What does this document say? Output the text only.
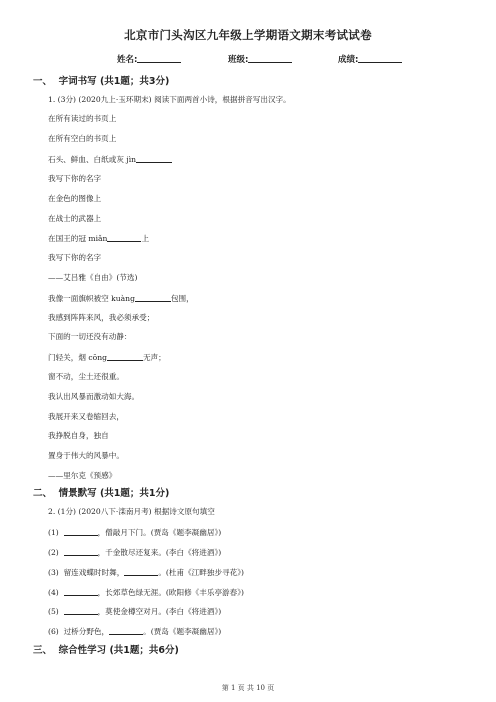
北京市门头沟区九年级上学期语文期末考试试卷
姓名:	班级:	成绩:
一、 字词书写 (共1题；共3分)
1. (3分) (2020九上·玉环期末) 阅读下面两首小诗，根据拼音写出汉字。
在所有读过的书页上
在所有空白的书页上
石头、鲜血、白纸或灰 jìn
我写下你的名字
在金色的图像上
在战士的武器上
在国王的冠 miǎn	上
我写下你的名字
——艾吕雅《自由》(节选)
我像一面旗帜被空 kuàng	包围，
我感到阵阵来风，我必须承受；
下面的一切还没有动静：
门轻关，烟 cōng	无声；
窗不动，尘土还很重。
我认出风暴而激动如大海。
我展开来又卷缩回去，
我挣脱自身，独自
置身于伟大的风暴中。
——里尔克《预感》
二、 情景默写 (共1题；共1分)
2. (1分) (2020八下·滦南月考) 根据诗文原句填空
(1)	，僧敲月下门。(贾岛《题李凝幽居》)
(2)	，千金散尽还复来。(李白《将进酒》)
(3) 留连戏蝶时时舞，	。(杜甫《江畔独步寻花》)
(4)	，长郊草色绿无涯。(欧阳修《丰乐亭游春》)
(5)	，莫使金樽空对月。(李白《将进酒》)
(6) 过桥分野色，	。(贾岛《题李凝幽居》)
三、 综合性学习 (共1题；共6分)
第 1 页 共 10 页
